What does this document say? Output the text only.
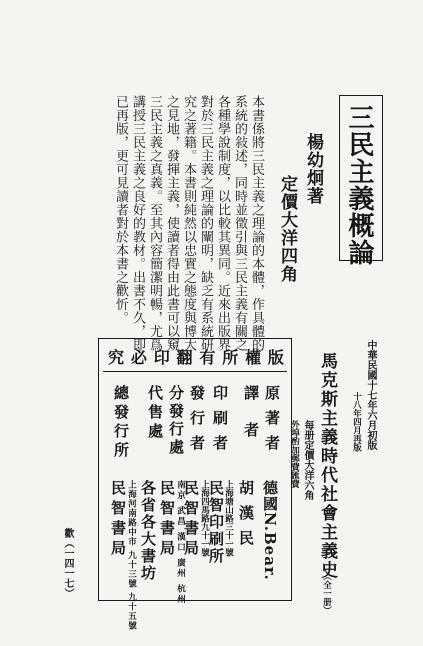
三民主義概論
楊幼炯著
定價大洋四角
本書係將三民主義之理論的本體，作具體的
系統的敍述，同時並徵引與三民主義有關之
各種學說制度，以比較其異同。近來出版界
對於三民主義之理論的闡明，缺乏有系統研
究之著籍。本書則純然以忠實之態度與博大
之見地，發揮主義，使讀者得由此書可以窺
三民主義之真義。至其內容簡潔明暢，尤爲
講授三民主義之良好的教材。出書不久，即
已再版，更可見讀者對於本書之歡忻。
中華民國十七年六月初版
十八年四月再版
馬克斯主義時代社會主義史
（全一册）
每册定價大洋六角
外埠酌加郵費匯費
版
權
所
有
翻
印
必
究
原著者
譯者
印刷者
發行者
分發行處
代售處
總發行所
德國N.Bear.
胡漢民
上海塘山路三十一號
民智印刷所
上海四馬路九十一號
民智書局
南京 武昌 漢口 廣州 杭州
民智書局
各省各大書坊
上海河南路中市 九十三號 九十五號
民智書局
歡（一四一七）
